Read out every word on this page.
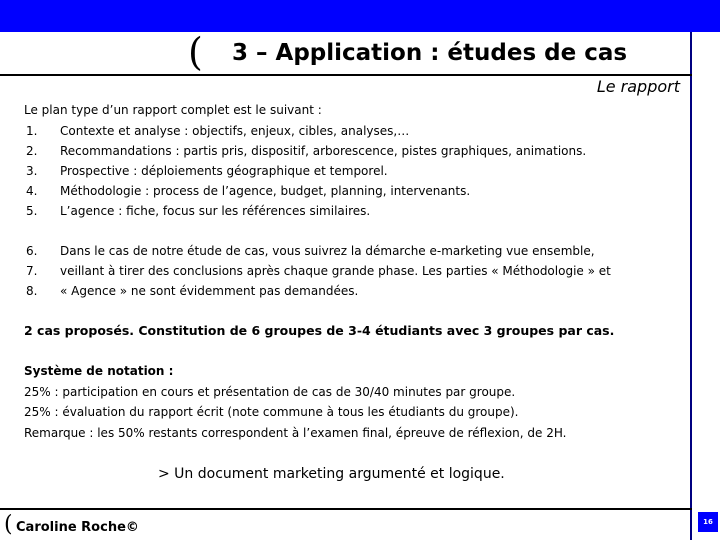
( 3 – Application : études de cas
Le rapport
Le plan type d’un rapport complet est le suivant :
1. Contexte et analyse : objectifs, enjeux, cibles, analyses,…
2. Recommandations : partis pris, dispositif, arborescence, pistes graphiques, animations.
3. Prospective : déploiements géographique et temporel.
4. Méthodologie : process de l’agence, budget, planning, intervenants.
5. L’agence : fiche, focus sur les références similaires.
6. Dans le cas de notre étude de cas, vous suivrez la démarche e-marketing vue ensemble,
7. veillant à tirer des conclusions après chaque grande phase. Les parties « Méthodologie » et
8. « Agence » ne sont évidemment pas demandées.
2 cas proposés. Constitution de 6 groupes de 3-4 étudiants avec 3 groupes par cas.
Système de notation :
25% : participation en cours et présentation de cas de 30/40 minutes par groupe.
25% : évaluation du rapport écrit (note commune à tous les étudiants du groupe).
Remarque : les 50% restants correspondent à l’examen final, épreuve de réflexion, de 2H.
> Un document marketing argumenté et logique.
( Caroline Roche©	16
